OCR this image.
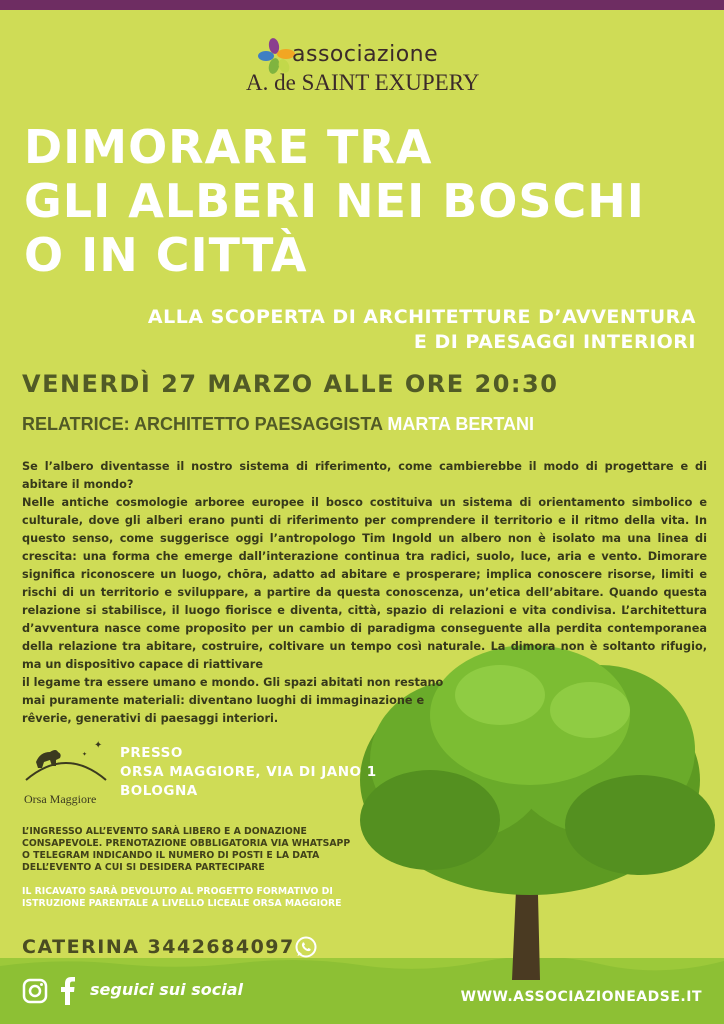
associazione
A. de SAINT EXUPERY
DIMORARE TRA
GLI ALBERI NEI BOSCHI
O IN CITTÀ
ALLA SCOPERTA DI ARCHITETTURE D’AVVENTURA
E DI PAESAGGI INTERIORI
VENERDÌ 27 MARZO ALLE ORE 20:30
RELATRICE: ARCHITETTO PAESAGGISTA MARTA BERTANI

Se l’albero diventasse il nostro sistema di riferimento, come cambierebbe il modo di progettare e di abitare il mondo?
Nelle antiche cosmologie arboree europee il bosco costituiva un sistema di orientamento simbolico e culturale, dove gli alberi erano punti di riferimento per comprendere il territorio e il ritmo della vita. In questo senso, come suggerisce oggi l’antropologo Tim Ingold un albero non è isolato ma una linea di crescita: una forma che emerge dall’interazione continua tra radici, suolo, luce, aria e vento. Dimorare significa riconoscere un luogo, chōra, adatto ad abitare e prosperare; implica conoscere risorse, limiti e rischi di un territorio e sviluppare, a partire da questa conoscenza, un’etica dell’abitare. Quando questa relazione si stabilisce, il luogo fiorisce e diventa, città, spazio di relazioni e vita condivisa. L’architettura d’avventura nasce come proposito per un cambio di paradigma conseguente alla perdita contemporanea della relazione tra abitare, costruire, coltivare un tempo così naturale. La dimora non è soltanto rifugio, ma un dispositivo capace di riattivare

il legame tra essere umano e mondo. Gli spazi abitati non restano mai puramente materiali: diventano luoghi di immaginazione e rêverie, generativi di paesaggi interiori.

✦
✦
Orsa Maggiore
PRESSO
ORSA MAGGIORE, VIA DI JANO 1
BOLOGNA
L’INGRESSO ALL’EVENTO SARÀ LIBERO E A DONAZIONE CONSAPEVOLE. PRENOTAZIONE OBBLIGATORIA VIA WHATSAPP O TELEGRAM INDICANDO IL NUMERO DI POSTI E LA DATA DELL’EVENTO A CUI SI DESIDERA PARTECIPARE
IL RICAVATO SARÀ DEVOLUTO AL PROGETTO FORMATIVO DI ISTRUZIONE PARENTALE A LIVELLO LICEALE ORSA MAGGIORE
CATERINA 3442684097
seguici sui social	WWW.ASSOCIAZIONEADSE.IT
